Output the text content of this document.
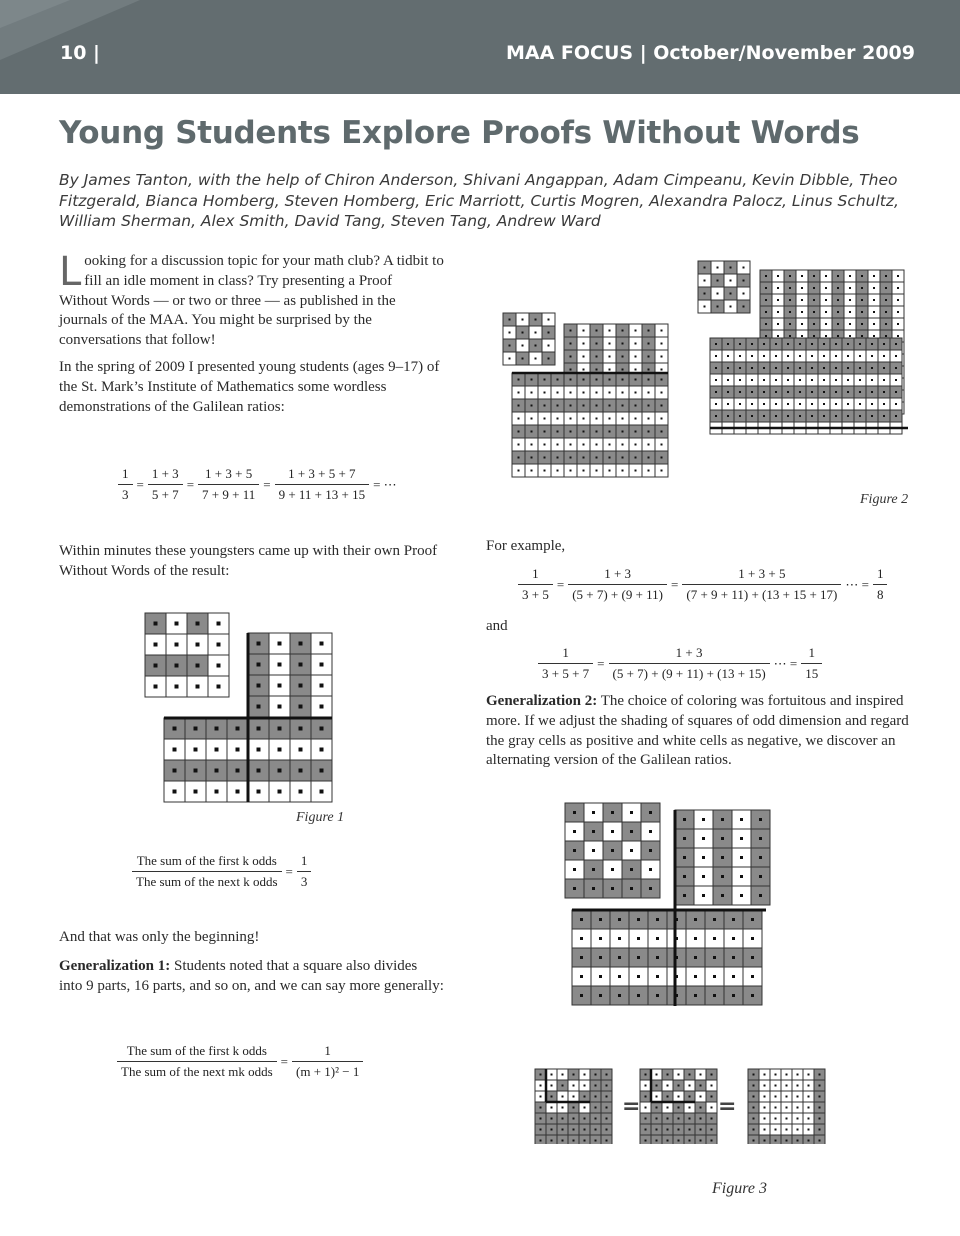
10 |	MAA FOCUS | October/November 2009
Young Students Explore Proofs Without Words

By James Tanton, with the help of Chiron Anderson, Shivani Angappan, Adam Cimpeanu, Kevin Dibble, Theo Fitzgerald, Bianca Homberg, Steven Homberg, Eric Marriott, Curtis Mogren, Alexandra Palocz, Linus Schultz, William Sherman, Alex Smith, David Tang, Steven Tang, Andrew Ward

Looking for a discussion topic for your math club? A tidbit to fill an idle moment in class? Try presenting a Proof Without Words — or two or three — as published in the journals of the MAA. You might be surprised by the conversations that follow!

In the spring of 2009 I presented young students (ages 9–17) of the St. Mark’s Institute of Mathematics some wordless demonstrations of the Galilean ratios:

$\frac{1}{3} = \frac{1 + 3}{5 + 7} = \frac{1 + 3 + 5}{7 + 9 + 11} = \frac{1 + 3 + 5 + 7}{9 + 11 + 13 + 15}$ = ⋯

Within minutes these youngsters came up with their own Proof Without Words of the result:

Figure 1
$\frac{\text{The sum of the first k odds}}{\text{The sum of the next k odds}} = \frac{1}{3}$

And that was only the beginning!

Generalization 1: Students noted that a square also divides into 9 parts, 16 parts, and so on, and we can say more generally:

$\frac{\text{The sum of the first k odds}}{\text{The sum of the next mk odds}} = \frac{1}{\text{(m + 1)² − 1}}$
Figure 2

For example,

$\frac{1}{3 + 5} = \frac{1 + 3}{(5 + 7) + (9 + 11)} = \frac{1 + 3 + 5}{(7 + 9 + 11) + (13 + 15 + 17)}$ ⋯ = $\frac{1}{8}$

and

$\frac{1}{3 + 5 + 7} = \frac{1 + 3}{(5 + 7) + (9 + 11) + (13 + 15)}$ ⋯ = $\frac{1}{15}$

Generalization 2: The choice of coloring was fortuitous and inspired more. If we adjust the shading of squares of odd dimension and regard the gray cells as positive and white cells as negative, we discover an alternating version of the Galilean ratios.

=	=
Figure 3
